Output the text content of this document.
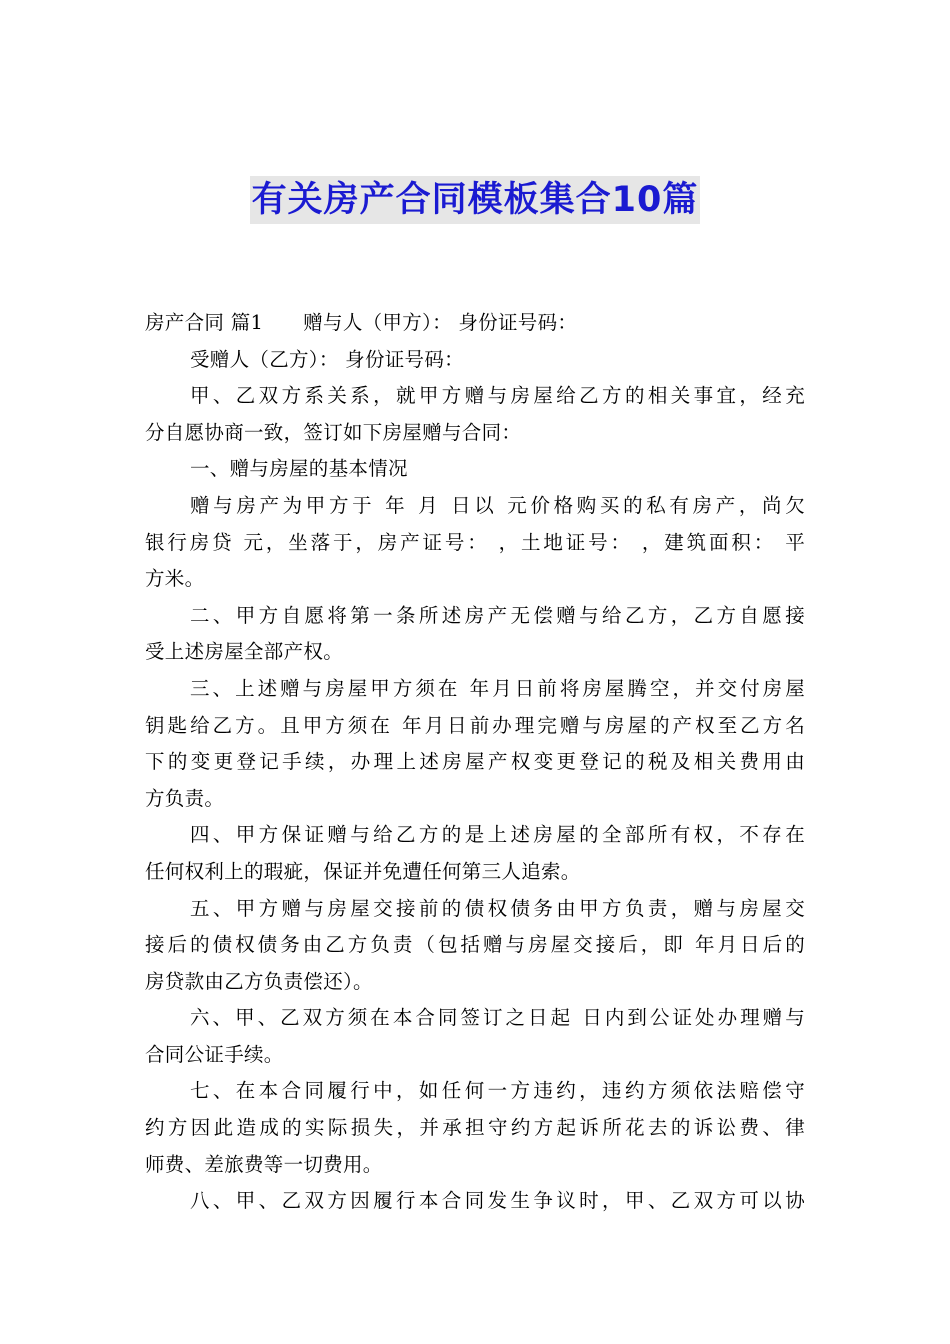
有关房产合同模板集合10篇
房产合同 篇1 赠与人（甲方）： 身份证号码：
受赠人（乙方）： 身份证号码：
甲、乙双方系关系，就甲方赠与房屋给乙方的相关事宜，经充
分自愿协商一致，签订如下房屋赠与合同：
一、赠与房屋的基本情况
赠与房产为甲方于 年 月 日以 元价格购买的私有房产，尚欠
银行房贷 元，坐落于，房产证号： ，土地证号： ，建筑面积： 平
方米。
二、甲方自愿将第一条所述房产无偿赠与给乙方，乙方自愿接
受上述房屋全部产权。
三、上述赠与房屋甲方须在 年月日前将房屋腾空，并交付房屋
钥匙给乙方。且甲方须在 年月日前办理完赠与房屋的产权至乙方名
下的变更登记手续，办理上述房屋产权变更登记的税及相关费用由
方负责。
四、甲方保证赠与给乙方的是上述房屋的全部所有权，不存在
任何权利上的瑕疵，保证并免遭任何第三人追索。
五、甲方赠与房屋交接前的债权债务由甲方负责，赠与房屋交
接后的债权债务由乙方负责（包括赠与房屋交接后，即 年月日后的
房贷款由乙方负责偿还）。
六、甲、乙双方须在本合同签订之日起 日内到公证处办理赠与
合同公证手续。
七、在本合同履行中，如任何一方违约，违约方须依法赔偿守
约方因此造成的实际损失，并承担守约方起诉所花去的诉讼费、律
师费、差旅费等一切费用。
八、甲、乙双方因履行本合同发生争议时，甲、乙双方可以协
